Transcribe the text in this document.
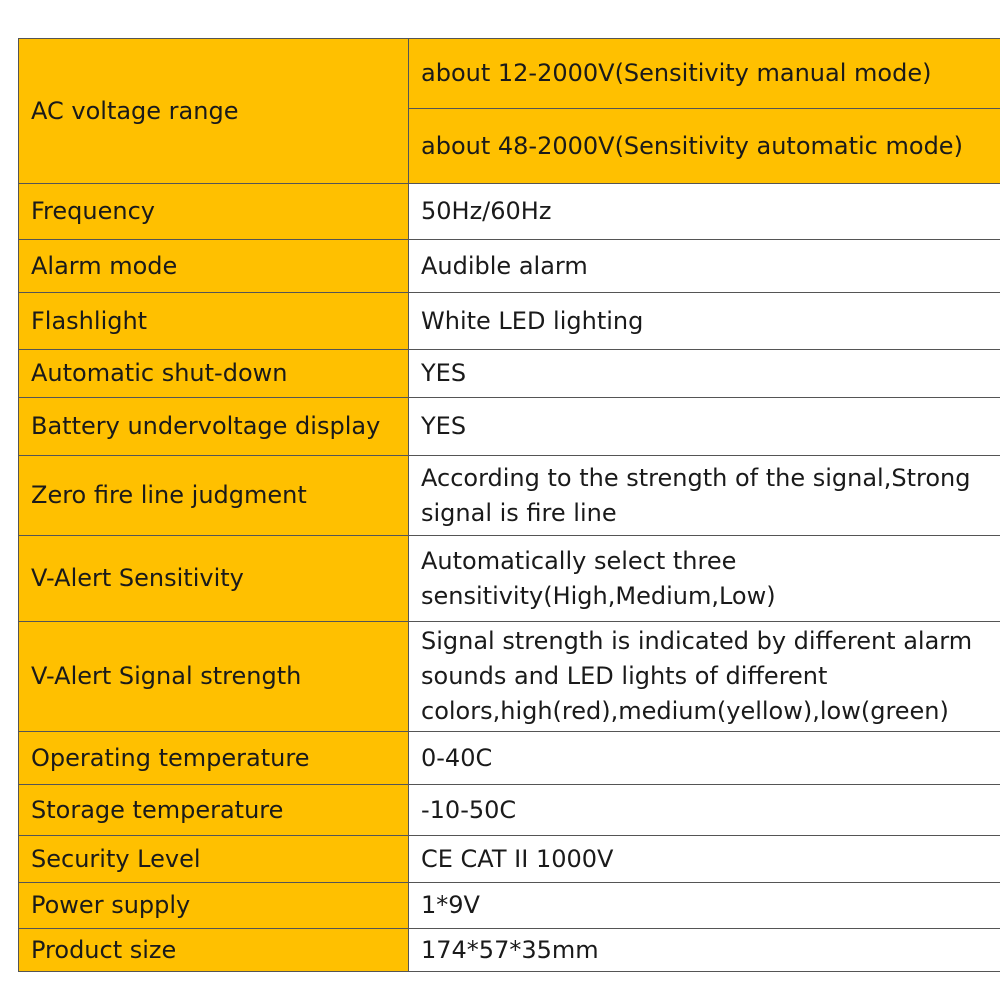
AC voltage range	about 12-2000V(Sensitivity manual mode)
	about 48-2000V(Sensitivity automatic mode)
Frequency	50Hz/60Hz
Alarm mode	Audible alarm
Flashlight	White LED lighting
Automatic shut-down	YES
Battery undervoltage display	YES
Zero fire line judgment	According to the strength of the signal,Strong signal is fire line
V-Alert Sensitivity	Automatically select three sensitivity(High,Medium,Low)
V-Alert Signal strength	Signal strength is indicated by different alarm sounds and LED lights of different colors,high(red),medium(yellow),low(green)
Operating temperature	0-40C
Storage temperature	-10-50C
Security Level	CE CAT II 1000V
Power supply	1*9V
Product size	174*57*35mm
